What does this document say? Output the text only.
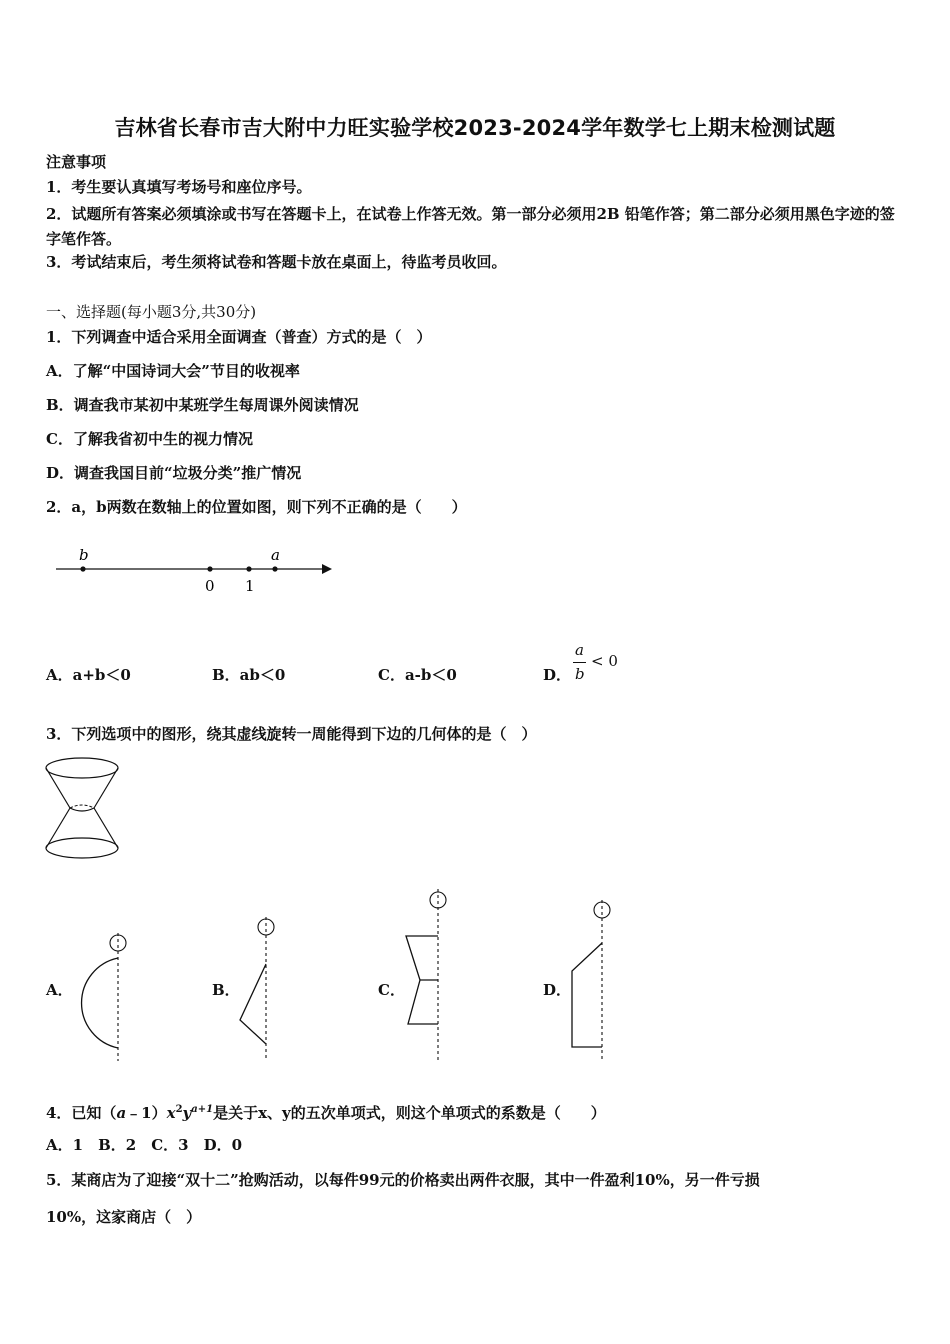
吉林省长春市吉大附中力旺实验学校2023-2024学年数学七上期末检测试题
注意事项
1．考生要认真填写考场号和座位序号。
2．试题所有答案必须填涂或书写在答题卡上，在试卷上作答无效。第一部分必须用2B 铅笔作答；第二部分必须用黑色字迹的签字笔作答。
3．考试结束后，考生须将试卷和答题卡放在桌面上，待监考员收回。
一、选择题(每小题3分,共30分)
1．下列调查中适合采用全面调查（普查）方式的是（　）
A．了解“中国诗词大会”节目的收视率
B．调查我市某初中某班学生每周课外阅读情况
C．了解我省初中生的视力情况
D．调查我国目前“垃圾分类”推广情况
2．a，b两数在数轴上的位置如图，则下列不正确的是（　　）
b
0 1
a
A．a+b＜0	B．ab＜0	C．a-b＜0	D．
a
b
< 0
3．下列选项中的图形，绕其虚线旋转一周能得到下边的几何体的是（　）
A．	B．	C．	D．
4．已知$(a﹣1)x^2y^{a+1}$是关于x、y的五次单项式，则这个单项式的系数是（　　）
A．1　B．2　C．3　D．0
5．某商店为了迎接“双十二”抢购活动，以每件99元的价格卖出两件衣服，其中一件盈利10%，另一件亏损
10%，这家商店（　）
